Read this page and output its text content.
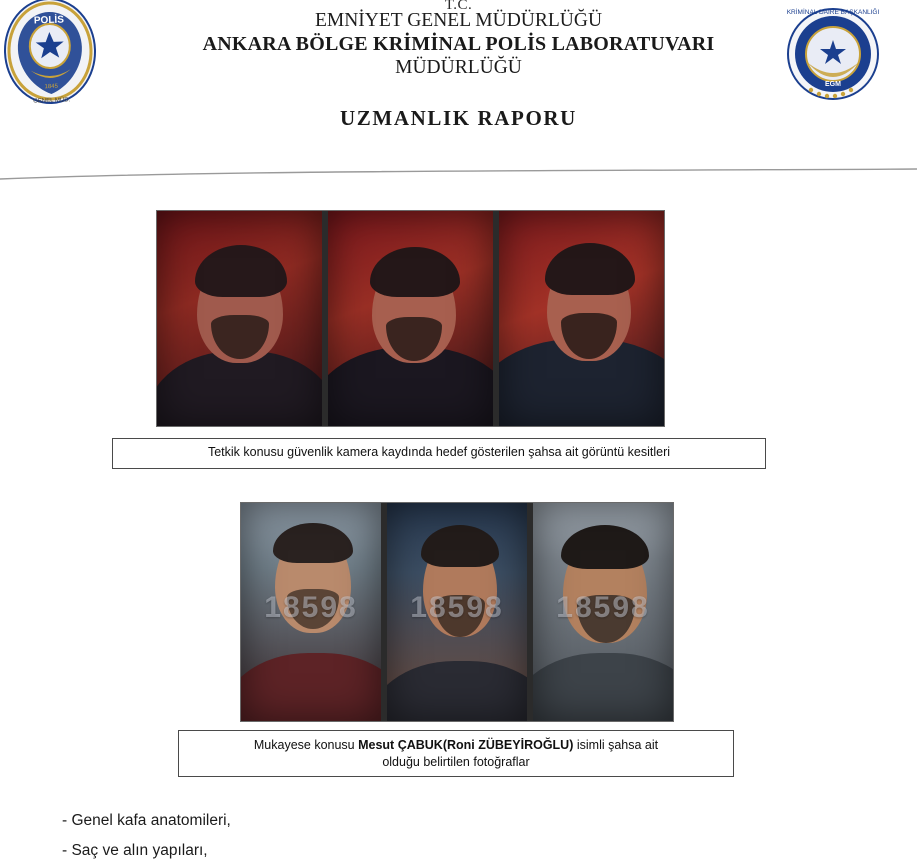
POLİS
1845
GENEL MÜD.
KRİMİNAL DAİRE BAŞKANLIĞI
EGM
T.C.
EMNİYET GENEL MÜDÜRLÜĞÜ
ANKARA BÖLGE KRİMİNAL POLİS LABORATUVARI
MÜDÜRLÜĞÜ
UZMANLIK RAPORU
Tetkik konusu güvenlik kamera kaydında hedef gösterilen şahsa ait görüntü kesitleri
18598 18598 18598
Mukayese konusu Mesut ÇABUK(Roni ZÜBEYİROĞLU) isimli şahsa ait
olduğu belirtilen fotoğraflar
- Genel kafa anatomileri,
- Saç ve alın yapıları,
